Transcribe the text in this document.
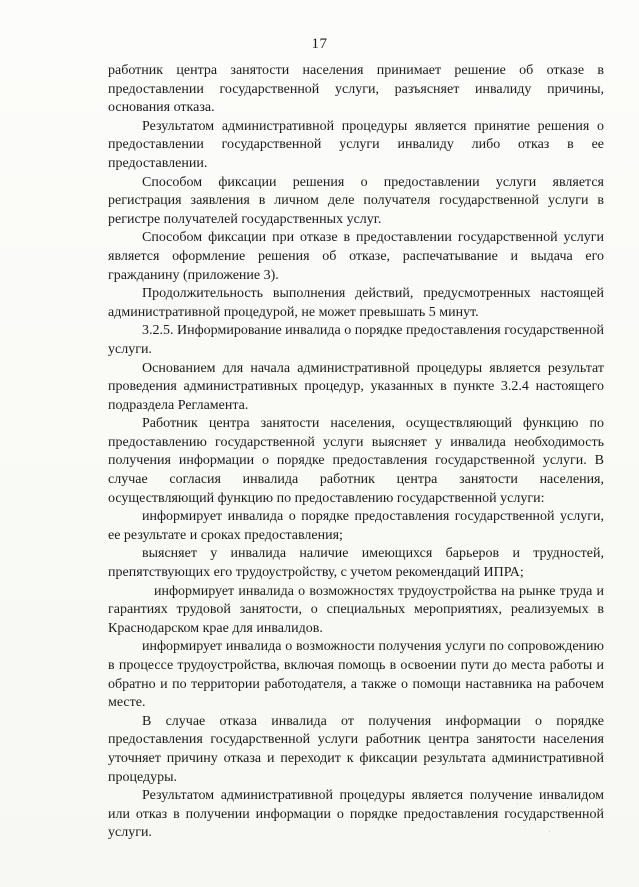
17

работник центра занятости населения принимает решение об отказе в предоставлении государственной услуги, разъясняет инвалиду причины, основания отказа.

Результатом административной процедуры является принятие решения о предоставлении государственной услуги инвалиду либо отказ в ее предоставлении.

Способом фиксации решения о предоставлении услуги является регистрация заявления в личном деле получателя государственной услуги в регистре получателей государственных услуг.

Способом фиксации при отказе в предоставлении государственной услуги является оформление решения об отказе, распечатывание и выдача его гражданину (приложение 3).

Продолжительность выполнения действий, предусмотренных настоящей административной процедурой, не может превышать 5 минут.

3.2.5. Информирование инвалида о порядке предоставления государственной услуги.

Основанием для начала административной процедуры является результат проведения административных процедур, указанных в пункте 3.2.4 настоящего подраздела Регламента.

Работник центра занятости населения, осуществляющий функцию по предоставлению государственной услуги выясняет у инвалида необходимость получения информации о порядке предоставления государственной услуги. В случае согласия инвалида работник центра занятости населения, осуществляющий функцию по предоставлению государственной услуги:

информирует инвалида о порядке предоставления государственной услуги, ее результате и сроках предоставления;

выясняет у инвалида наличие имеющихся барьеров и трудностей, препятствующих его трудоустройству, с учетом рекомендаций ИПРА;

информирует инвалида о возможностях трудоустройства на рынке труда и гарантиях трудовой занятости, о специальных мероприятиях, реализуемых в Краснодарском крае для инвалидов.

информирует инвалида о возможности получения услуги по сопровождению в процессе трудоустройства, включая помощь в освоении пути до места работы и обратно и по территории работодателя, а также о помощи наставника на рабочем месте.

В случае отказа инвалида от получения информации о порядке предоставления государственной услуги работник центра занятости населения уточняет причину отказа и переходит к фиксации результата административной процедуры.

Результатом административной процедуры является получение инвалидом или отказ в получении информации о порядке предоставления государственной услуги.
